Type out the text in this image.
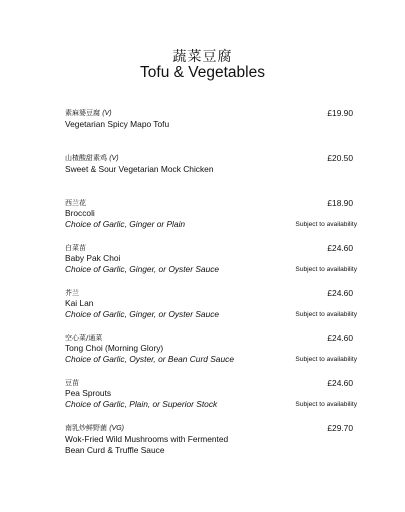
蔬菜豆腐
Tofu & Vegetables
素麻婆豆腐 (V)
Vegetarian Spicy Mapo Tofu
£19.90
山楂酸甜素鸡 (V)
Sweet & Sour Vegetarian Mock Chicken
£20.50
西兰花
Broccoli
Choice of Garlic, Ginger or Plain
£18.90
Subject to availability
白菜苗
Baby Pak Choi
Choice of Garlic, Ginger, or Oyster Sauce
£24.60
Subject to availability
芥兰
Kai Lan
Choice of Garlic, Ginger, or Oyster Sauce
£24.60
Subject to availability
空心菜/通菜
Tong Choi (Morning Glory)
Choice of Garlic, Oyster, or Bean Curd Sauce
£24.60
Subject to availability
豆苗
Pea Sprouts
Choice of Garlic, Plain, or Superior Stock
£24.60
Subject to availability
南乳炒鲜野菌 (VG)
Wok-Fried Wild Mushrooms with Fermented
Bean Curd & Truffle Sauce
£29.70
